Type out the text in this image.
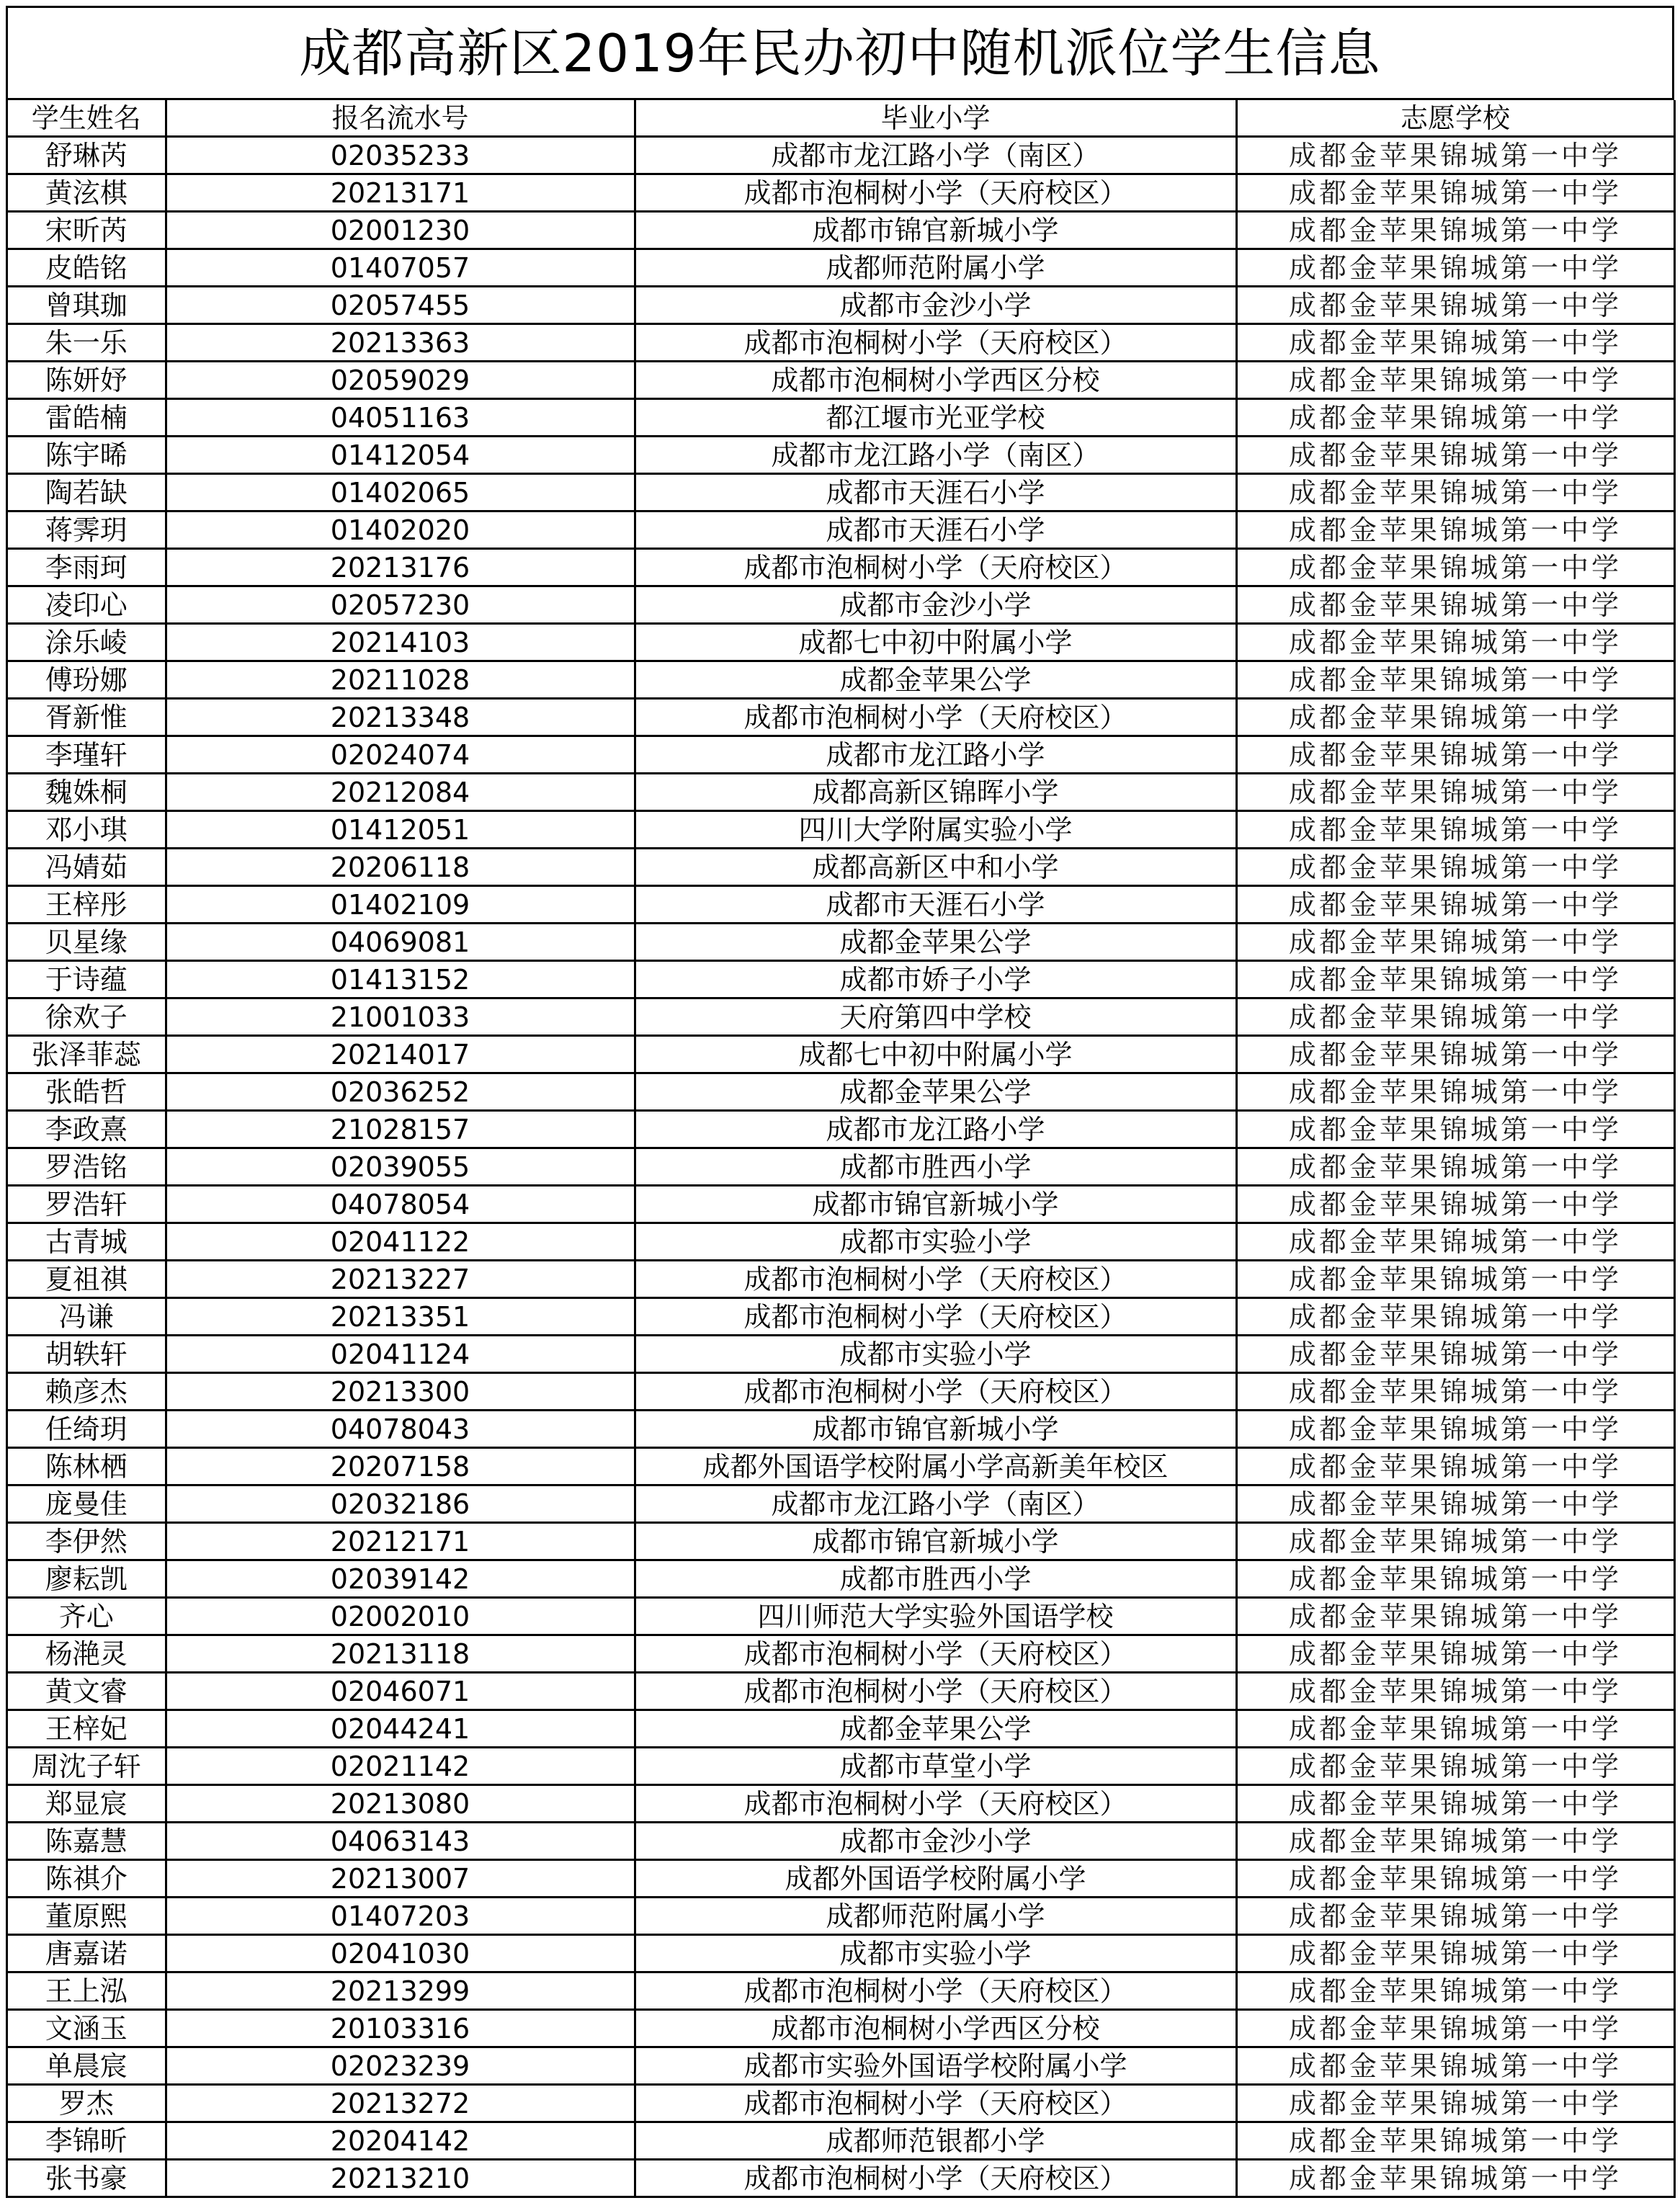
成都高新区2019年民办初中随机派位学生信息
学生姓名	报名流水号	毕业小学	志愿学校
舒琳芮	02035233	成都市龙江路小学（南区）	成都金苹果锦城第一中学
黄泫棋	20213171	成都市泡桐树小学（天府校区）	成都金苹果锦城第一中学
宋昕芮	02001230	成都市锦官新城小学	成都金苹果锦城第一中学
皮皓铭	01407057	成都师范附属小学	成都金苹果锦城第一中学
曾琪珈	02057455	成都市金沙小学	成都金苹果锦城第一中学
朱一乐	20213363	成都市泡桐树小学（天府校区）	成都金苹果锦城第一中学
陈妍妤	02059029	成都市泡桐树小学西区分校	成都金苹果锦城第一中学
雷皓楠	04051163	都江堰市光亚学校	成都金苹果锦城第一中学
陈宇晞	01412054	成都市龙江路小学（南区）	成都金苹果锦城第一中学
陶若缺	01402065	成都市天涯石小学	成都金苹果锦城第一中学
蒋霁玥	01402020	成都市天涯石小学	成都金苹果锦城第一中学
李雨珂	20213176	成都市泡桐树小学（天府校区）	成都金苹果锦城第一中学
凌印心	02057230	成都市金沙小学	成都金苹果锦城第一中学
涂乐崚	20214103	成都七中初中附属小学	成都金苹果锦城第一中学
傅玢娜	20211028	成都金苹果公学	成都金苹果锦城第一中学
胥新惟	20213348	成都市泡桐树小学（天府校区）	成都金苹果锦城第一中学
李瑾轩	02024074	成都市龙江路小学	成都金苹果锦城第一中学
魏姝桐	20212084	成都高新区锦晖小学	成都金苹果锦城第一中学
邓小琪	01412051	四川大学附属实验小学	成都金苹果锦城第一中学
冯婧茹	20206118	成都高新区中和小学	成都金苹果锦城第一中学
王梓彤	01402109	成都市天涯石小学	成都金苹果锦城第一中学
贝星缘	04069081	成都金苹果公学	成都金苹果锦城第一中学
于诗蕴	01413152	成都市娇子小学	成都金苹果锦城第一中学
徐欢子	21001033	天府第四中学校	成都金苹果锦城第一中学
张泽菲蕊	20214017	成都七中初中附属小学	成都金苹果锦城第一中学
张皓哲	02036252	成都金苹果公学	成都金苹果锦城第一中学
李政熹	21028157	成都市龙江路小学	成都金苹果锦城第一中学
罗浩铭	02039055	成都市胜西小学	成都金苹果锦城第一中学
罗浩轩	04078054	成都市锦官新城小学	成都金苹果锦城第一中学
古青城	02041122	成都市实验小学	成都金苹果锦城第一中学
夏祖祺	20213227	成都市泡桐树小学（天府校区）	成都金苹果锦城第一中学
冯谦	20213351	成都市泡桐树小学（天府校区）	成都金苹果锦城第一中学
胡轶轩	02041124	成都市实验小学	成都金苹果锦城第一中学
赖彦杰	20213300	成都市泡桐树小学（天府校区）	成都金苹果锦城第一中学
任绮玥	04078043	成都市锦官新城小学	成都金苹果锦城第一中学
陈林栖	20207158	成都外国语学校附属小学高新美年校区	成都金苹果锦城第一中学
庞曼佳	02032186	成都市龙江路小学（南区）	成都金苹果锦城第一中学
李伊然	20212171	成都市锦官新城小学	成都金苹果锦城第一中学
廖耘凯	02039142	成都市胜西小学	成都金苹果锦城第一中学
齐心	02002010	四川师范大学实验外国语学校	成都金苹果锦城第一中学
杨滟灵	20213118	成都市泡桐树小学（天府校区）	成都金苹果锦城第一中学
黄文睿	02046071	成都市泡桐树小学（天府校区）	成都金苹果锦城第一中学
王梓妃	02044241	成都金苹果公学	成都金苹果锦城第一中学
周沈子轩	02021142	成都市草堂小学	成都金苹果锦城第一中学
郑显宸	20213080	成都市泡桐树小学（天府校区）	成都金苹果锦城第一中学
陈嘉慧	04063143	成都市金沙小学	成都金苹果锦城第一中学
陈祺介	20213007	成都外国语学校附属小学	成都金苹果锦城第一中学
董原熙	01407203	成都师范附属小学	成都金苹果锦城第一中学
唐嘉诺	02041030	成都市实验小学	成都金苹果锦城第一中学
王上泓	20213299	成都市泡桐树小学（天府校区）	成都金苹果锦城第一中学
文涵玉	20103316	成都市泡桐树小学西区分校	成都金苹果锦城第一中学
单晨宸	02023239	成都市实验外国语学校附属小学	成都金苹果锦城第一中学
罗杰	20213272	成都市泡桐树小学（天府校区）	成都金苹果锦城第一中学
李锦昕	20204142	成都师范银都小学	成都金苹果锦城第一中学
张书豪	20213210	成都市泡桐树小学（天府校区）	成都金苹果锦城第一中学
